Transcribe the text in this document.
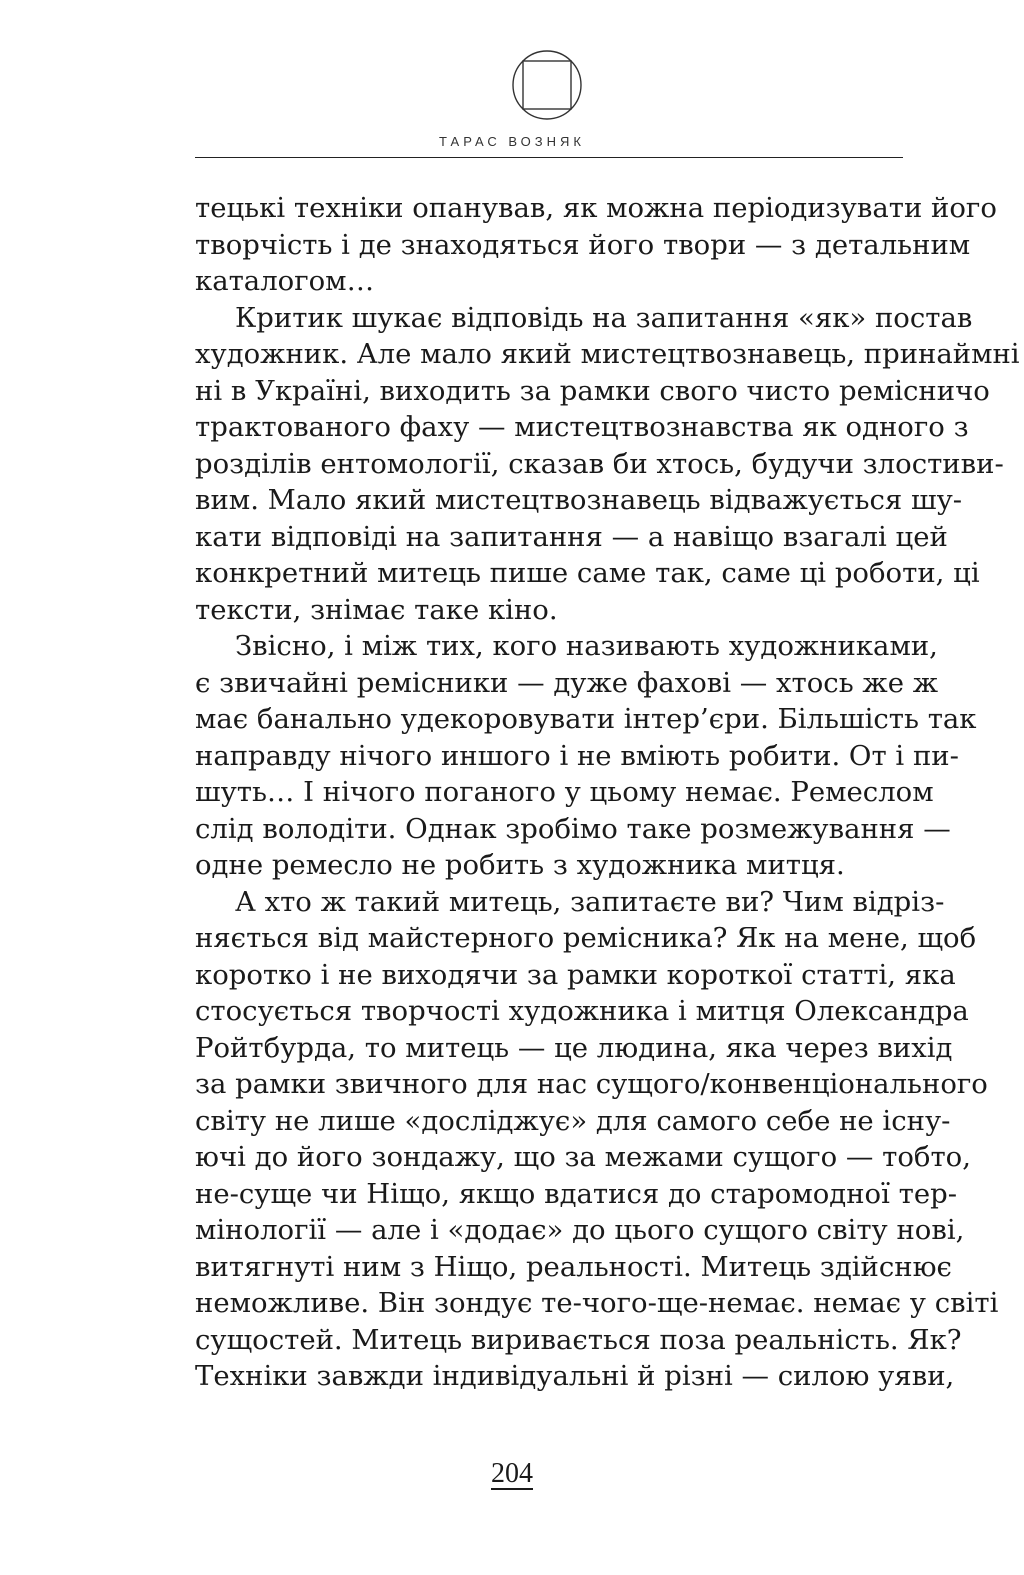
ТАРАС ВОЗНЯК
тецькі техніки опанував, як можна періодизувати його
творчість і де знаходяться його твори — з детальним
каталогом…
Критик шукає відповідь на запитання «як» постав
художник. Але мало який мистецтвознавець, принаймні
ні в Україні, виходить за рамки свого чисто ремісничо
трактованого фаху — мистецтвознавства як одного з
розділів ентомології, сказав би хтось, будучи злостиви-
вим. Мало який мистецтвознавець відважується шу-
кати відповіді на запитання — а навіщо взагалі цей
конкретний митець пише саме так, саме ці роботи, ці
тексти, знімає таке кіно.
Звісно, і між тих, кого називають художниками,
є звичайні ремісники — дуже фахові — хтось же ж
має банально удекоровувати інтер’єри. Більшість так
направду нічого иншого і не вміють робити. От і пи-
шуть… І нічого поганого у цьому немає. Ремеслом
слід володіти. Однак зробімо таке розмежування —
одне ремесло не робить з художника митця.
А хто ж такий митець, запитаєте ви? Чим відріз-
няється від майстерного ремісника? Як на мене, щоб
коротко і не виходячи за рамки короткої статті, яка
стосується творчості художника і митця Олександра
Ройтбурда, то митець — це людина, яка через вихід
за рамки звичного для нас сущого/конвенціонального
світу не лише «досліджує» для самого себе не існу-
ючі до його зондажу, що за межами сущого — тобто,
не-суще чи Ніщо, якщо вдатися до старомодної тер-
мінології — але і «додає» до цього сущого світу нові,
витягнуті ним з Ніщо, реальності. Митець здійснює
неможливе. Він зондує те-чого-ще-немає. немає у світі
сущостей. Митець виривається поза реальність. Як?
Техніки завжди індивідуальні й різні — силою уяви,
204
